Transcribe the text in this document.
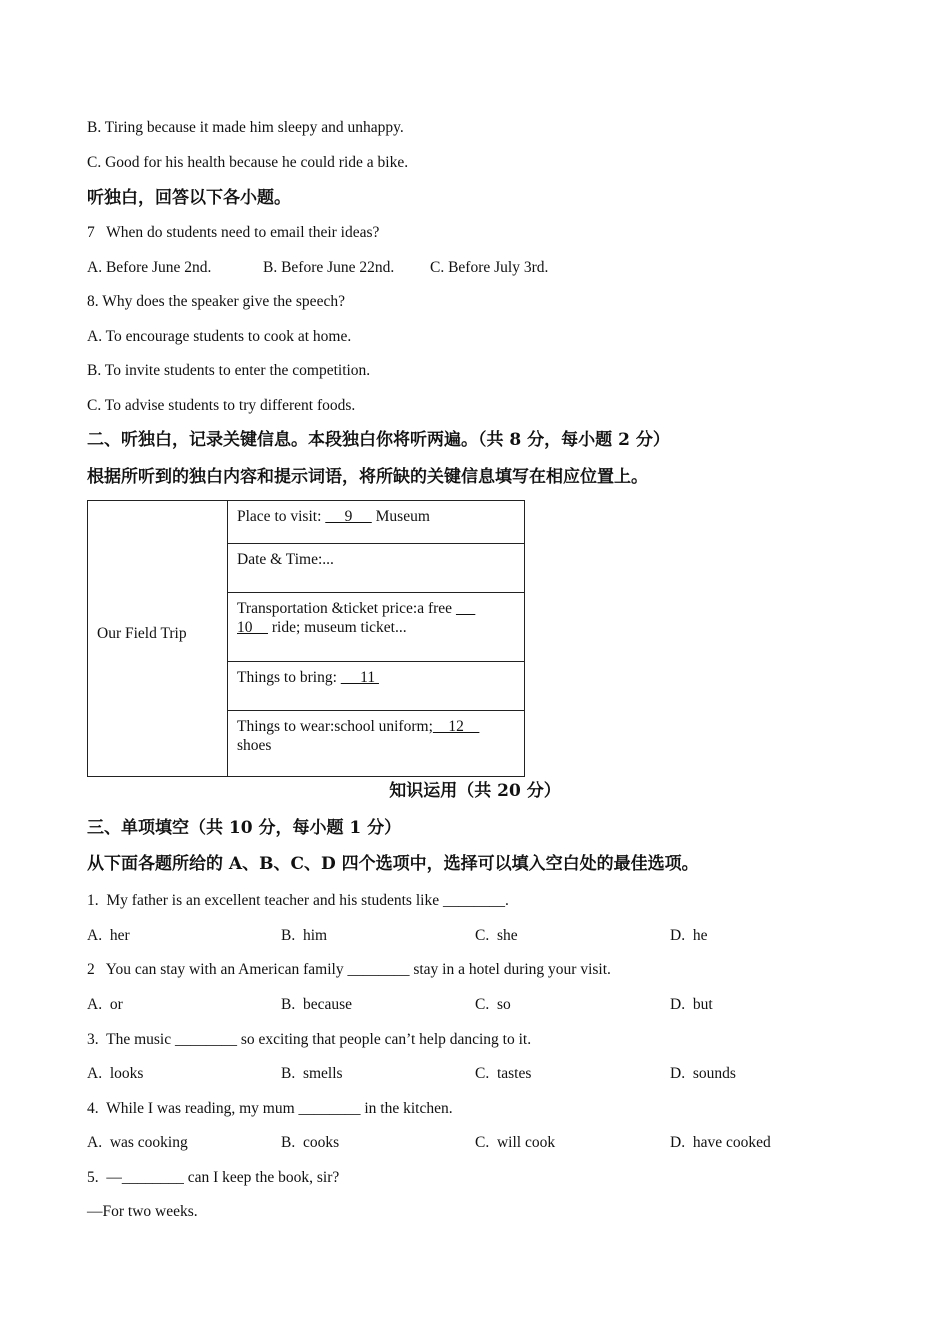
B. Tiring because it made him sleepy and unhappy.
C. Good for his health because he could ride a bike.
听独白，回答以下各小题。
7   When do students need to email their ideas?
A. Before June 2nd.	B. Before June 22nd. C. Before July 3rd.
8. Why does the speaker give the speech?
A. To encourage students to cook at home.
B. To invite students to enter the competition.
C. To advise students to try different foods.
二、听独白，记录关键信息。本段独白你将听两遍。（共 8 分，每小题 2 分）
根据所听到的独白内容和提示词语，将所缺的关键信息填写在相应位置上。
Our Field Trip
Place to visit:      9      Museum
Date & Time:...
Transportation &ticket price:a free
10     ride; museum ticket...
Things to bring:      11
Things to wear:school uniform;    12
shoes
知识运用（共 20 分）
三、单项填空（共 10 分，每小题 1 分）
从下面各题所给的 A、B、C、D 四个选项中，选择可以填入空白处的最佳选项。
1.  My father is an excellent teacher and his students like ________.
A.  her	B.  him	C.  she	D.  he
2   You can stay with an American family ________ stay in a hotel during your visit.
A.  or	B.  because	C.  so	D.  but
3.  The music ________ so exciting that people can’t help dancing to it.
A.  looks	B.  smells	C.  tastes	D.  sounds
4.  While I was reading, my mum ________ in the kitchen.
A.  was cooking	B.  cooks	C.  will cook	D.  have cooked
5.  —________ can I keep the book, sir?
—For two weeks.
